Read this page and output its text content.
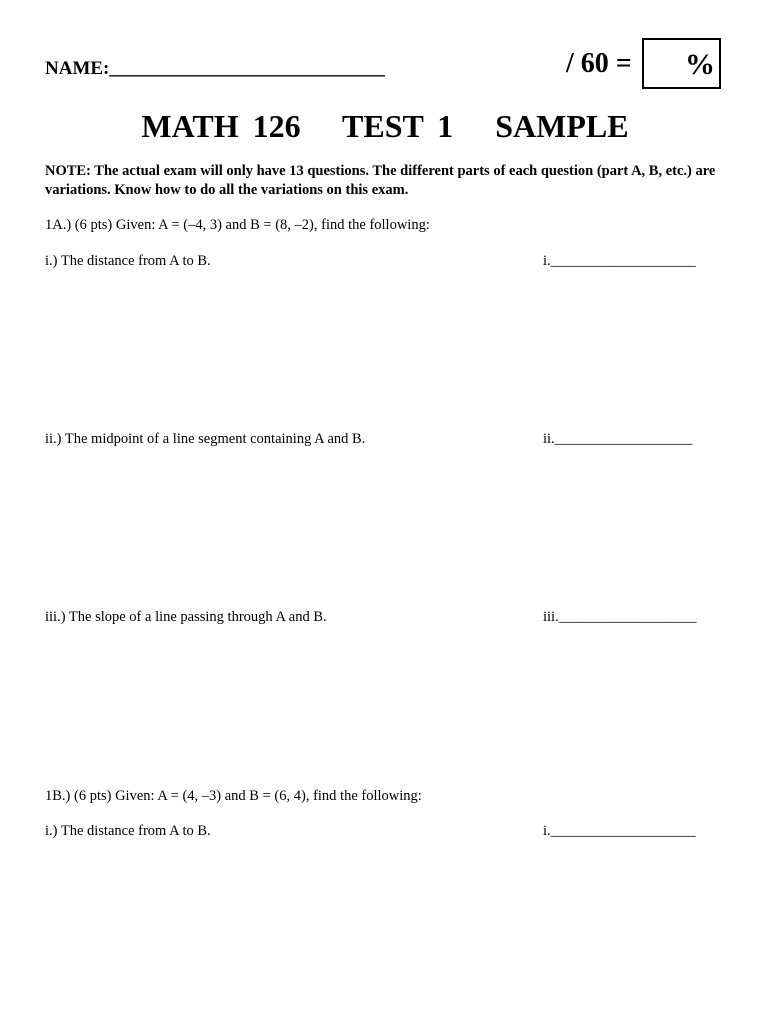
NAME:_____________________________	/ 60 = %
MATH 126   TEST 1   SAMPLE
NOTE: The actual exam will only have 13 questions. The different parts of each question (part A, B, etc.) are variations. Know how to do all the variations on this exam.
1A.) (6 pts) Given: A = (–4, 3) and B = (8, –2), find the following:
i.) The distance from A to B.	i.____________________
ii.) The midpoint of a line segment containing A and B.	ii.___________________
iii.) The slope of a line passing through A and B.	iii.___________________
1B.) (6 pts) Given: A = (4, –3) and B = (6, 4), find the following:
i.) The distance from A to B.	i.____________________
